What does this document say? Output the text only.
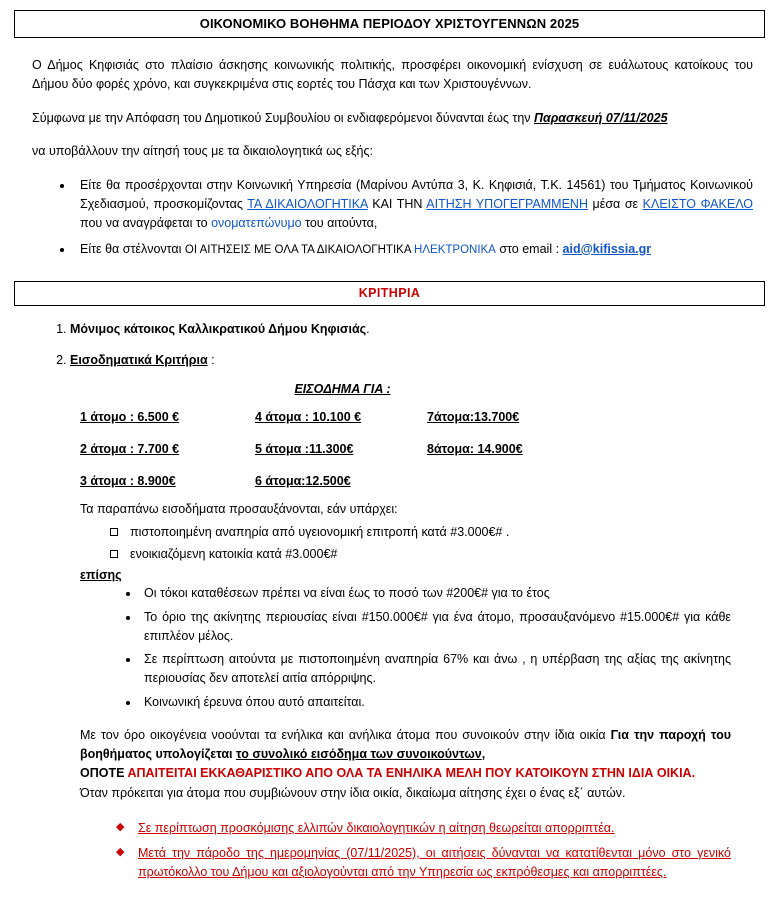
ΟΙΚΟΝΟΜΙΚΟ ΒΟΗΘΗΜΑ ΠΕΡΙΟΔΟΥ ΧΡΙΣΤΟΥΓΕΝΝΩΝ 2025

Ο Δήμος Κηφισιάς στο πλαίσιο άσκησης κοινωνικής πολιτικής, προσφέρει οικονομική ενίσχυση σε ευάλωτους κατοίκους του Δήμου δύο φορές χρόνο, και συγκεκριμένα στις εορτές του Πάσχα και των Χριστουγέννων.

Σύμφωνα με την Απόφαση του Δημοτικού Συμβουλίου οι ενδιαφερόμενοι δύνανται έως την Παρασκευή 07/11/2025

να υποβάλλουν την αίτησή τους με τα δικαιολογητικά ως εξής:

• Είτε θα προσέρχονται στην Κοινωνική Υπηρεσία (Μαρίνου Αντύπα 3, Κ. Κηφισιά, Τ.Κ. 14561) του Τμήματος Κοινωνικού Σχεδιασμού, προσκομίζοντας ΤΑ ΔΙΚΑΙΟΛΟΓΗΤΙΚΑ ΚΑΙ ΤΗΝ ΑΙΤΗΣΗ ΥΠΟΓΕΓΡΑΜΜΕΝΗ μέσα σε ΚΛΕΙΣΤΟ ΦΑΚΕΛΟ που να αναγράφεται το ονοματεπώνυμο του αιτούντα,
• Είτε θα στέλνονται ΟΙ ΑΙΤΗΣΕΙΣ ΜΕ ΟΛΑ ΤΑ ΔΙΚΑΙΟΛΟΓΗΤΙΚΑ ΗΛΕΚΤΡΟΝΙΚΑ στο email : aid@kifissia.gr
ΚΡΙΤΗΡΙΑ
1. Μόνιμος κάτοικος Καλλικρατικού Δήμου Κηφισιάς.
2. Εισοδηματικά Κριτήρια :
ΕΙΣΟΔΗΜΑ ΓΙΑ :
1 άτομο : 6.500 €	4 άτομα : 10.100 €	7άτομα:13.700€
2 άτομα : 7.700 €	5 άτομα :11.300€	8άτομα: 14.900€
3 άτομα : 8.900€	6 άτομα:12.500€	
Τα παραπάνω εισοδήματα προσαυξάνονται, εάν υπάρχει:
πιστοποιημένη αναπηρία από υγειονομική επιτροπή κατά #3.000€# .
ενοικιαζόμενη κατοικία κατά #3.000€#
επίσης
• Οι τόκοι καταθέσεων πρέπει να είναι έως το ποσό των #200€# για το έτος
• Το όριο της ακίνητης περιουσίας είναι #150.000€# για ένα άτομο, προσαυξανόμενο #15.000€# για κάθε επιπλέον μέλος.
• Σε περίπτωση αιτούντα με πιστοποιημένη αναπηρία 67% και άνω , η υπέρβαση της αξίας της ακίνητης περιουσίας δεν αποτελεί αιτία απόρριψης.
• Κοινωνική έρευνα όπου αυτό απαιτείται.
Με τον όρο οικογένεια νοούνται τα ενήλικα και ανήλικα άτομα που συνοικούν στην ίδια οικία Για την παροχή του βοηθήματος υπολογίζεται το συνολικό εισόδημα των συνοικούντων,
ΟΠΟΤΕ ΑΠΑΙΤΕΙΤΑΙ ΕΚΚΑΘΑΡΙΣΤΙΚΟ ΑΠΟ ΟΛΑ ΤΑ ΕΝΗΛΙΚΑ ΜΕΛΗ ΠΟΥ ΚΑΤΟΙΚΟΥΝ ΣΤΗΝ ΙΔΙΑ ΟΙΚΙΑ.
Όταν πρόκειται για άτομα που συμβιώνουν στην ίδια οικία, δικαίωμα αίτησης έχει ο ένας εξ΄ αυτών.
◆ Σε περίπτωση προσκόμισης ελλιπών δικαιολογητικών η αίτηση θεωρείται απορριπτέα.
◆ Μετά την πάροδο της ημερομηνίας (07/11/2025), οι αιτήσεις δύνανται να κατατίθενται μόνο στο γενικό πρωτόκολλο του Δήμου και αξιολογούνται από την Υπηρεσία ως εκπρόθεσμες και απορριπτέες.
